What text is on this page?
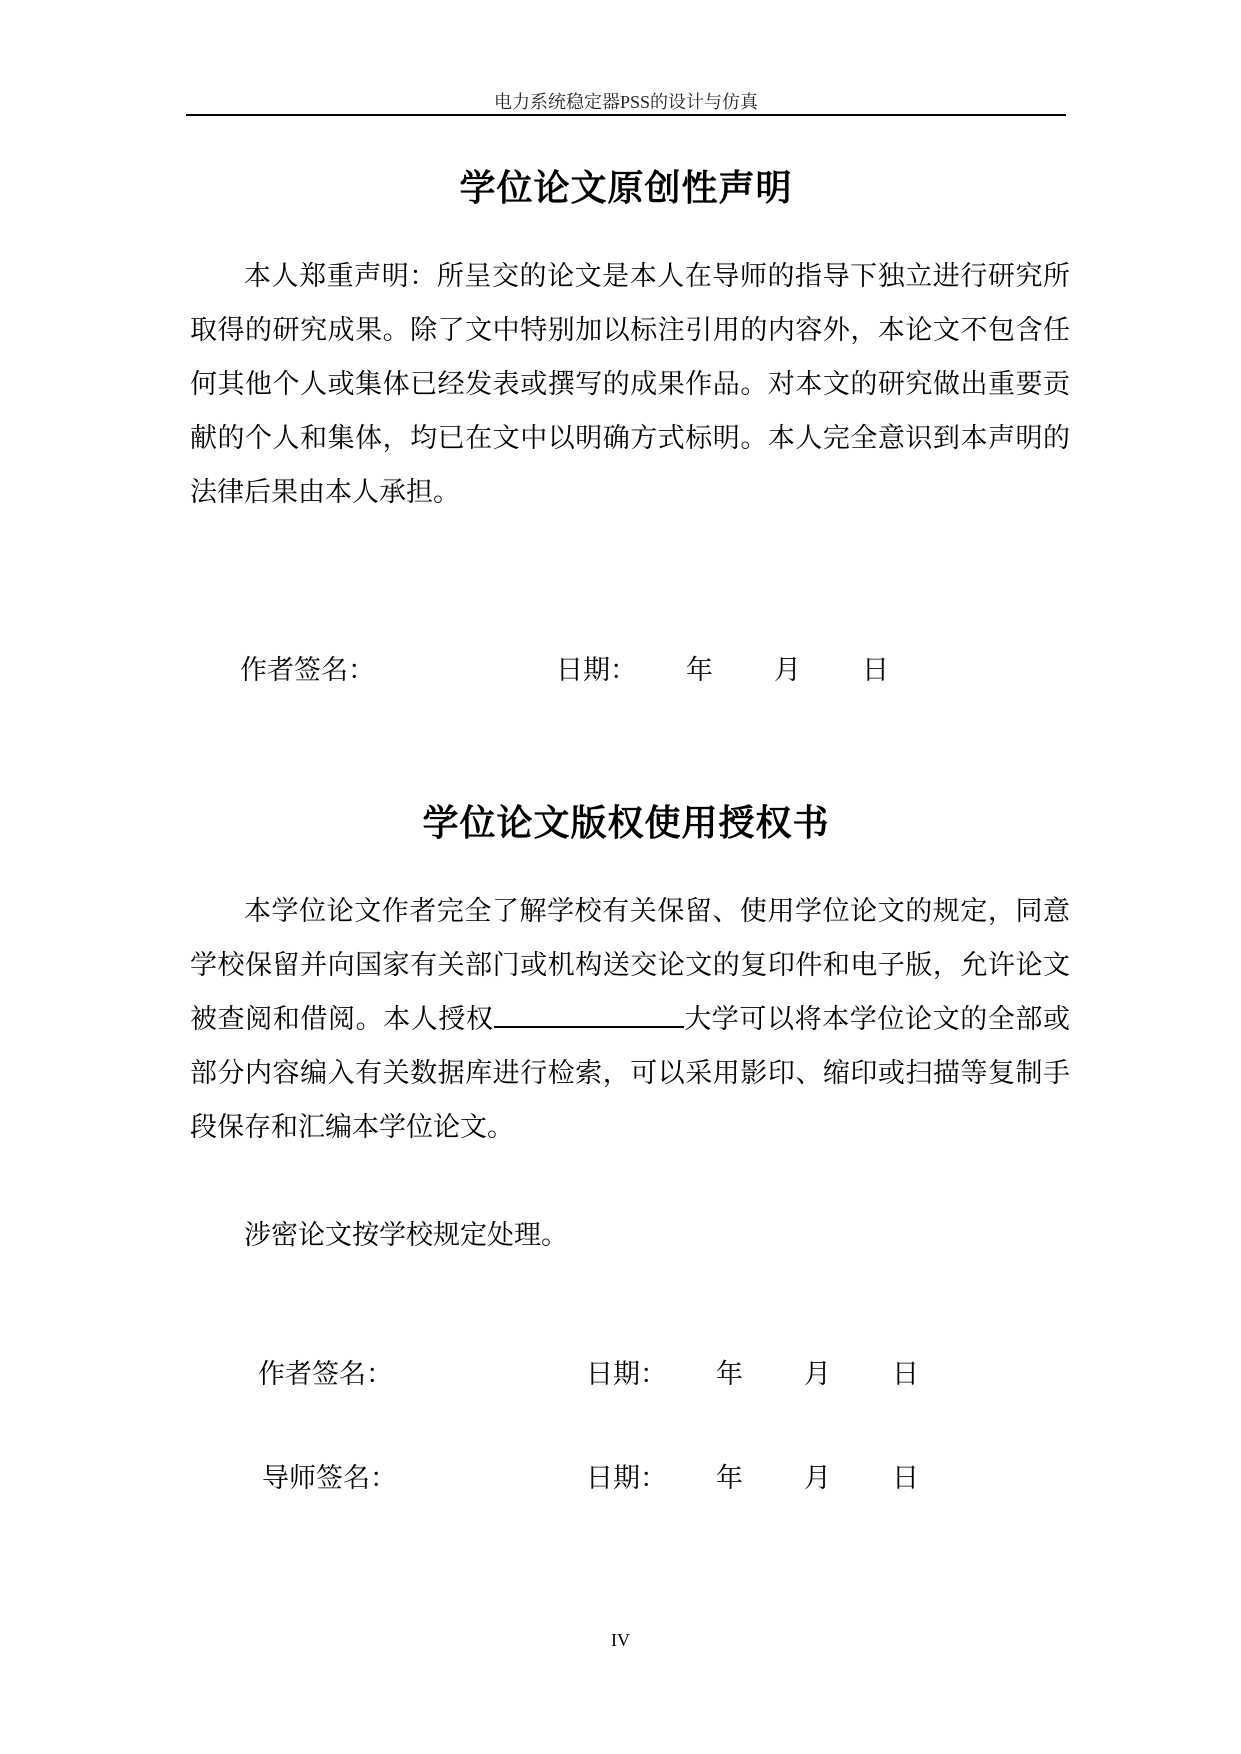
电力系统稳定器PSS的设计与仿真
学位论文原创性声明

本人郑重声明：所呈交的论文是本人在导师的指导下独立进行研究所取得的研究成果。除了文中特别加以标注引用的内容外，本论文不包含任何其他个人或集体已经发表或撰写的成果作品。对本文的研究做出重要贡献的个人和集体，均已在文中以明确方式标明。本人完全意识到本声明的法律后果由本人承担。

作者签名：	日期： 年 月 日
学位论文版权使用授权书

本学位论文作者完全了解学校有关保留、使用学位论文的规定，同意学校保留并向国家有关部门或机构送交论文的复印件和电子版，允许论文被查阅和借阅。本人授权	大学可以将本学位论文的全部或部分内容编入有关数据库进行检索，可以采用影印、缩印或扫描等复制手段保存和汇编本学位论文。

涉密论文按学校规定处理。

作者签名：	日期： 年 月 日
导师签名：	日期： 年 月 日
IV
